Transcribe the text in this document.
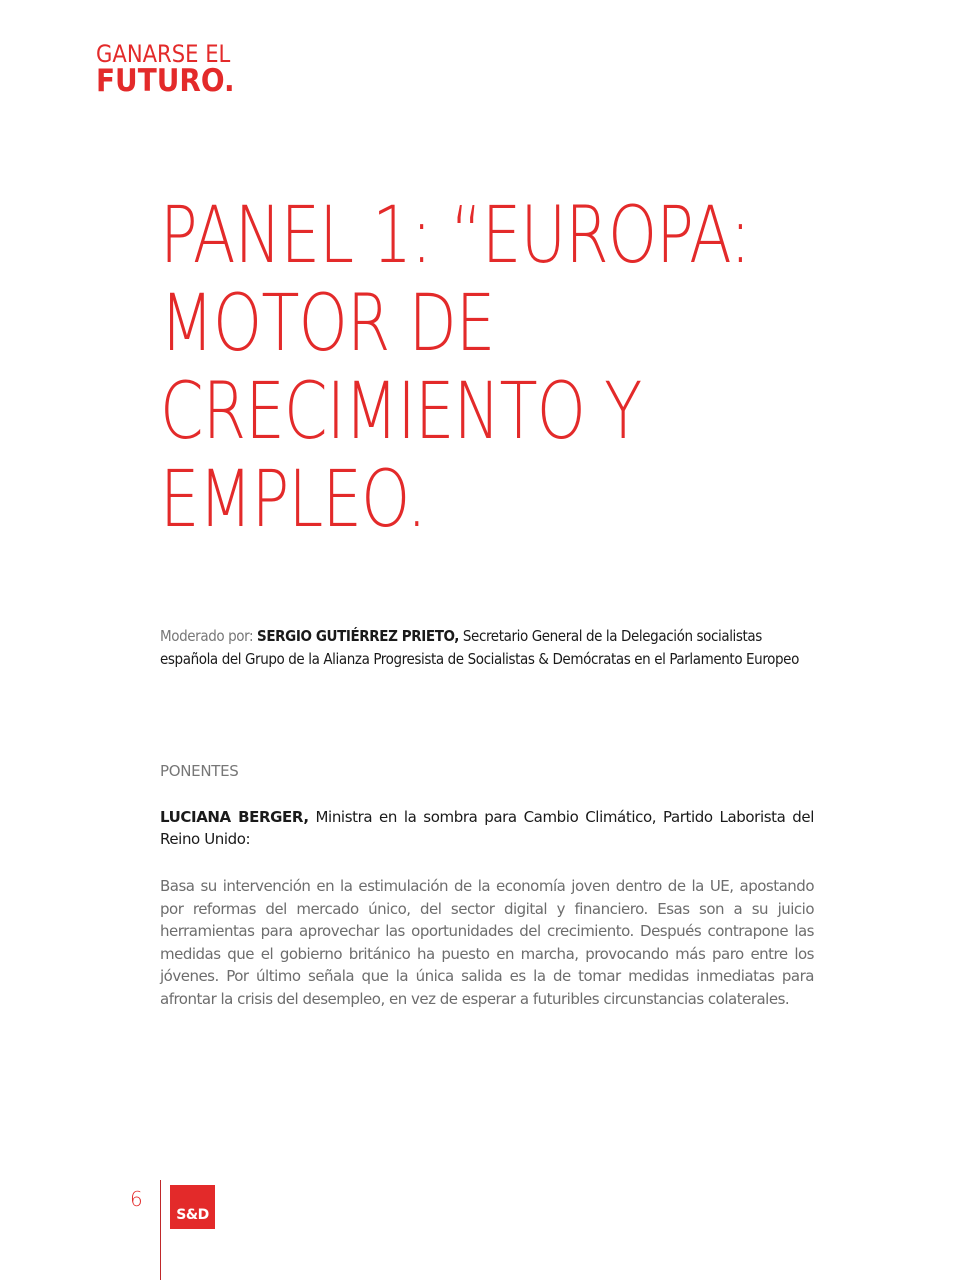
GANARSE EL
FUTURO.
PANEL 1: “EUROPA:
MOTOR DE
CRECIMIENTO Y
EMPLEO.
Moderado por: SERGIO GUTIÉRREZ PRIETO, Secretario General de la Delegación socialistas española del Grupo de la Alianza Progresista de Socialistas & Demócratas en el Parlamento Europeo
PONENTES
LUCIANA BERGER, Ministra en la sombra para Cambio Climático, Partido Laborista del Reino Unido:
Basa su intervención en la estimulación de la economía joven dentro de la UE, apostando por reformas del mercado único, del sector digital y financiero. Esas son a su juicio herramientas para aprovechar las oportunidades del crecimiento. Después contrapone las medidas que el gobierno británico ha puesto en marcha, provocando más paro entre los jóvenes. Por último señala que la única salida es la de tomar medidas inmediatas para afrontar la crisis del desempleo, en vez de esperar a futuribles circunstancias colaterales.
6
S&D
